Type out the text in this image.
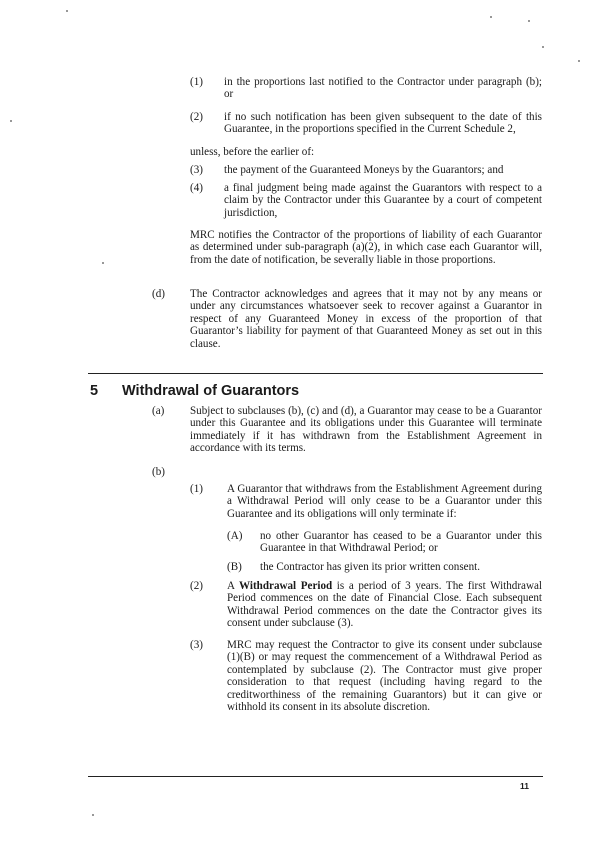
(1) in the proportions last notified to the Contractor under paragraph (b); or
(2) if no such notification has been given subsequent to the date of this Guarantee, in the proportions specified in the Current Schedule 2,
unless, before the earlier of:
(3) the payment of the Guaranteed Moneys by the Guarantors; and
(4) a final judgment being made against the Guarantors with respect to a claim by the Contractor under this Guarantee by a court of competent jurisdiction,
MRC notifies the Contractor of the proportions of liability of each Guarantor as determined under sub-paragraph (a)(2), in which case each Guarantor will, from the date of notification, be severally liable in those proportions.
(d) The Contractor acknowledges and agrees that it may not by any means or under any circumstances whatsoever seek to recover against a Guarantor in respect of any Guaranteed Money in excess of the proportion of that Guarantor’s liability for payment of that Guaranteed Money as set out in this clause.
5 Withdrawal of Guarantors
(a) Subject to subclauses (b), (c) and (d), a Guarantor may cease to be a Guarantor under this Guarantee and its obligations under this Guarantee will terminate immediately if it has withdrawn from the Establishment Agreement in accordance with its terms.
(b)
(1) A Guarantor that withdraws from the Establishment Agreement during a Withdrawal Period will only cease to be a Guarantor under this Guarantee and its obligations will only terminate if:
(A) no other Guarantor has ceased to be a Guarantor under this Guarantee in that Withdrawal Period; or
(B) the Contractor has given its prior written consent.
(2) A Withdrawal Period is a period of 3 years. The first Withdrawal Period commences on the date of Financial Close. Each subsequent Withdrawal Period commences on the date the Contractor gives its consent under subclause (3).
(3) MRC may request the Contractor to give its consent under subclause (1)(B) or may request the commencement of a Withdrawal Period as contemplated by subclause (2). The Contractor must give proper consideration to that request (including having regard to the creditworthiness of the remaining Guarantors) but it can give or withhold its consent in its absolute discretion.
11
